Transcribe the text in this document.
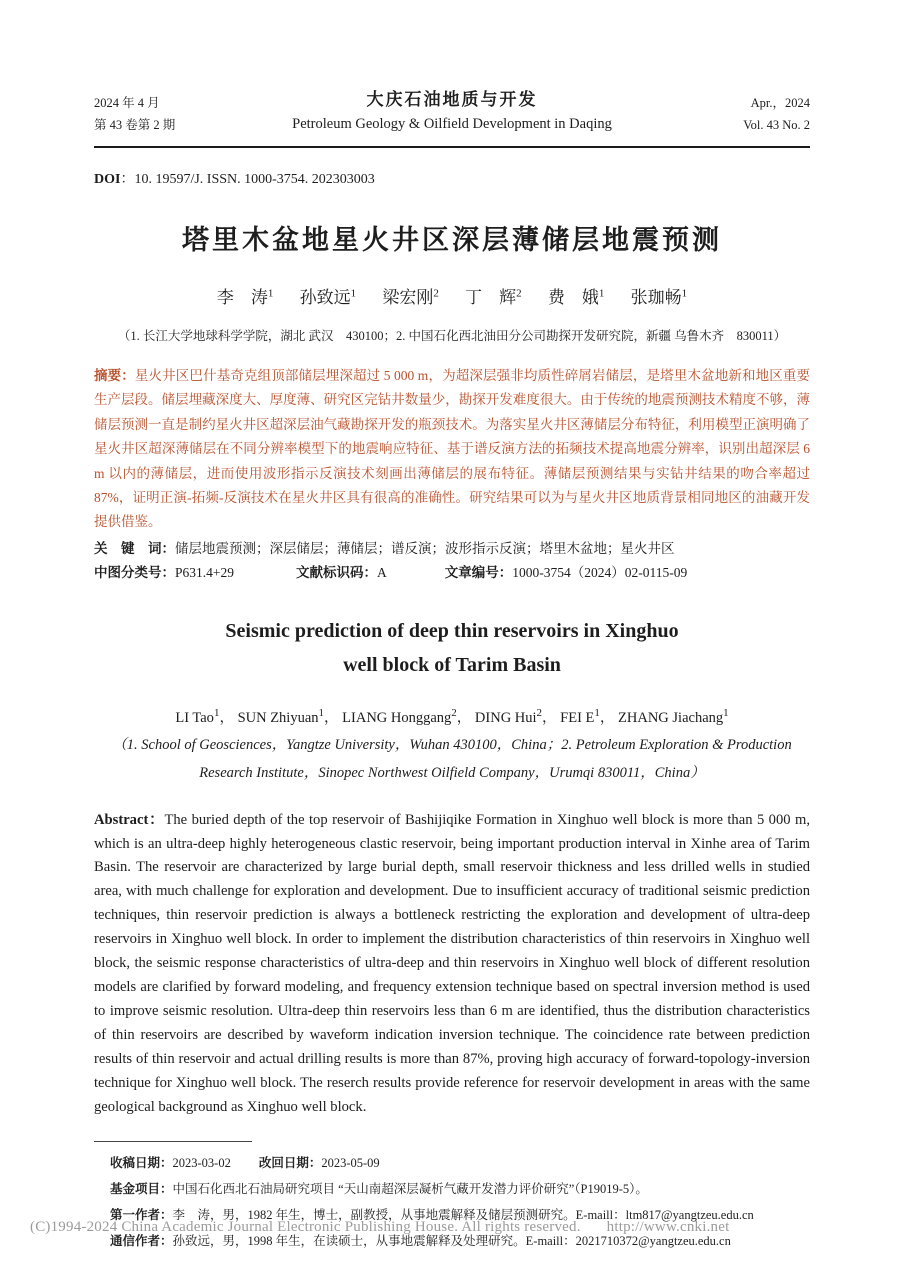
2024 年 4 月
第 43 卷第 2 期
大庆石油地质与开发
Petroleum Geology & Oilfield Development in Daqing
Apr.，2024
Vol. 43 No. 2
DOI：10. 19597/J. ISSN. 1000-3754. 202303003
塔里木盆地星火井区深层薄储层地震预测
李　涛$^1$ 孙致远$^1$ 梁宏刚$^2$ 丁　辉$^2$ 费　娥$^1$ 张珈畅$^1$
（1. 长江大学地球科学学院，湖北 武汉　430100；2. 中国石化西北油田分公司勘探开发研究院，新疆 乌鲁木齐　830011）
摘要：星火井区巴什基奇克组顶部储层埋深超过 5 000 m，为超深层强非均质性碎屑岩储层，是塔里木盆地新和地区重要生产层段。储层埋藏深度大、厚度薄、研究区完钻井数量少，勘探开发难度很大。由于传统的地震预测技术精度不够，薄储层预测一直是制约星火井区超深层油气藏勘探开发的瓶颈技术。为落实星火井区薄储层分布特征，利用模型正演明确了星火井区超深薄储层在不同分辨率模型下的地震响应特征、基于谱反演方法的拓频技术提高地震分辨率，识别出超深层 6 m 以内的薄储层，进而使用波形指示反演技术刻画出薄储层的展布特征。薄储层预测结果与实钻井结果的吻合率超过 87%，证明正演-拓频-反演技术在星火井区具有很高的准确性。研究结果可以为与星火井区地质背景相同地区的油藏开发提供借鉴。
关　键　词：储层地震预测；深层储层；薄储层；谱反演；波形指示反演；塔里木盆地；星火井区
中图分类号：P631.4+29	文献标识码：A	文章编号：1000-3754（2024）02-0115-09
Seismic prediction of deep thin reservoirs in Xinghuo
well block of Tarim Basin
LI Tao$^1$， SUN Zhiyuan$^1$， LIANG Honggang$^2$， DING Hui$^2$， FEI $E^1$， ZHANG Jiachang$^1$
（1. School of Geosciences，Yangtze University，Wuhan 430100，China；2. Petroleum Exploration & Production
Research Institute，Sinopec Northwest Oilfield Company，Urumqi 830011，China）
Abstract：The buried depth of the top reservoir of Bashijiqike Formation in Xinghuo well block is more than 5 000 m, which is an ultra-deep highly heterogeneous clastic reservoir, being important production interval in Xinhe area of Tarim Basin. The reservoir are characterized by large burial depth, small reservoir thickness and less drilled wells in studied area, with much challenge for exploration and development. Due to insufficient accuracy of traditional seismic prediction techniques, thin reservoir prediction is always a bottleneck restricting the exploration and development of ultra-deep reservoirs in Xinghuo well block. In order to implement the distribution characteristics of thin reservoirs in Xinghuo well block, the seismic response characteristics of ultra-deep and thin reservoirs in Xinghuo well block of different resolution models are clarified by forward modeling, and frequency extension technique based on spectral inversion method is used to improve seismic resolution. Ultra-deep thin reservoirs less than 6 m are identified, thus the distribution characteristics of thin reservoirs are described by waveform indication inversion technique. The coincidence rate between prediction results of thin reservoir and actual drilling results is more than 87%, proving high accuracy of forward-topology-inversion technique for Xinghuo well block. The reserch results provide reference for reservoir development in areas with the same geological background as Xinghuo well block.
收稿日期：2023-03-02 改回日期：2023-05-09
基金项目：中国石化西北石油局研究项目 “天山南超深层凝析气藏开发潜力评价研究”（P19019-5）。
第一作者：李　涛，男，1982 年生，博士，副教授，从事地震解释及储层预测研究。E-maill：ltm817@yangtzeu.edu.cn
通信作者：孙致远，男，1998 年生，在读硕士，从事地震解释及处理研究。E-maill：2021710372@yangtzeu.edu.cn
(C)1994-2024 China Academic Journal Electronic Publishing House. All rights reserved. http://www.cnki.net
